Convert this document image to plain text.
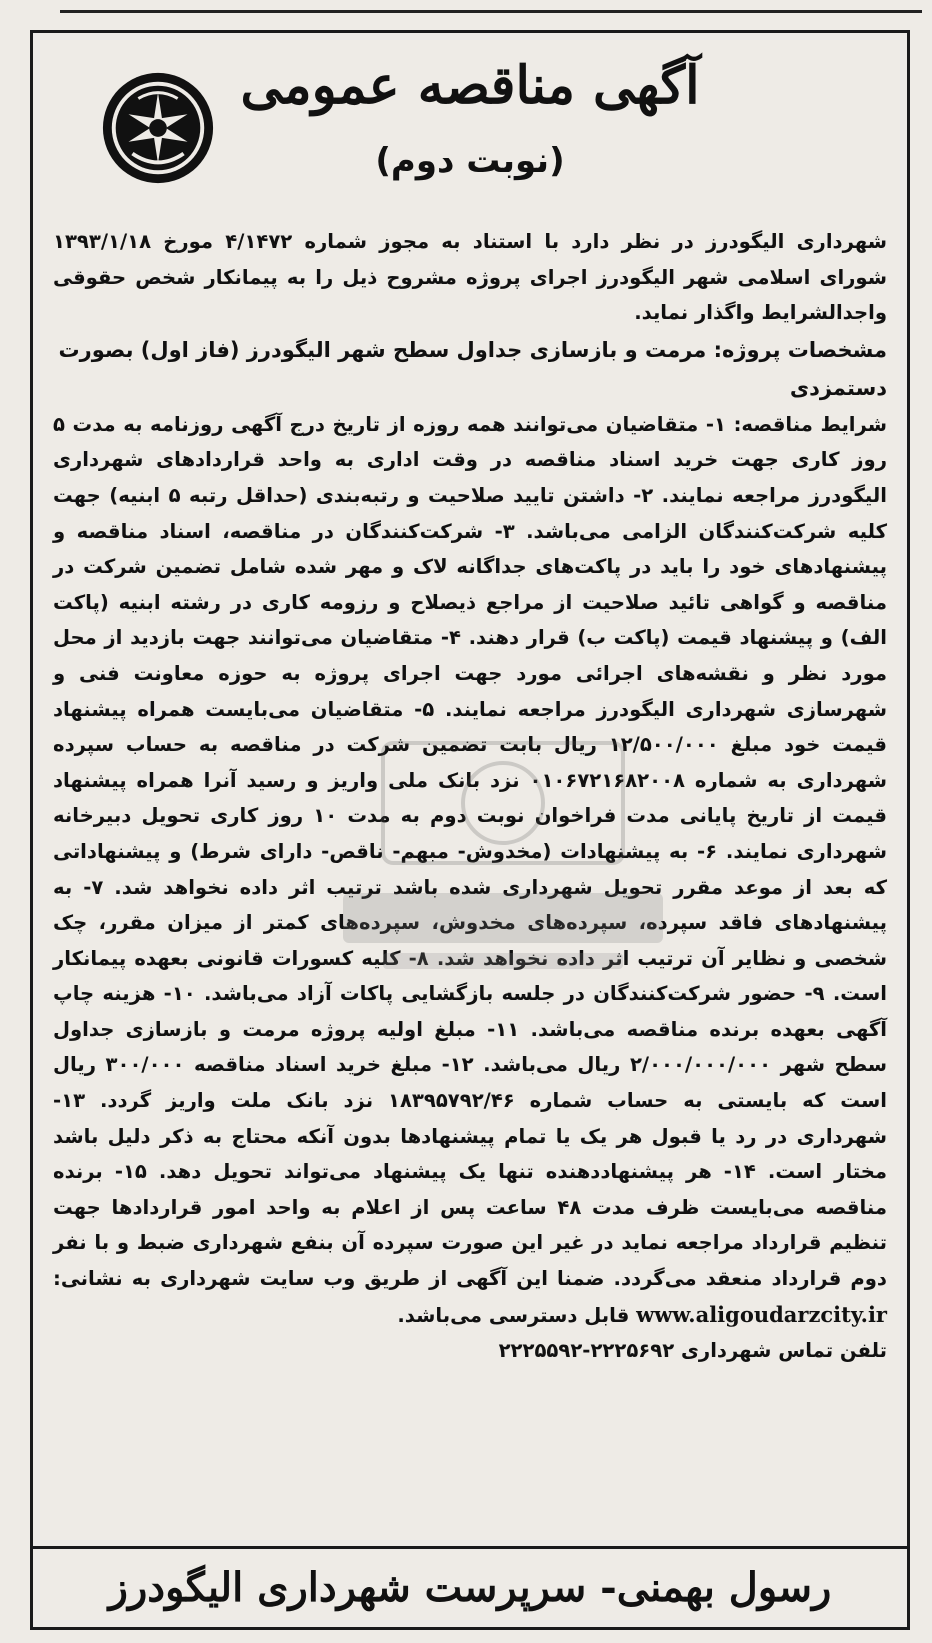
آگهی مناقصه عمومی
(نوبت دوم)

شهرداری الیگودرز در نظر دارد با استناد به مجوز شماره ۴/۱۴۷۲ مورخ ۱۳۹۳/۱/۱۸ شورای اسلامی شهر الیگودرز اجرای پروژه مشروح ذیل را به پیمانکار شخص حقوقی واجدالشرایط واگذار نماید.

مشخصات پروژه: مرمت و بازسازی جداول سطح شهر الیگودرز (فاز اول) بصورت دستمزدی

شرایط مناقصه: ۱- متقاضیان می‌توانند همه روزه از تاریخ درج آگهی روزنامه به مدت ۵ روز کاری جهت خرید اسناد مناقصه در وقت اداری به واحد قراردادهای شهرداری الیگودرز مراجعه نمایند. ۲- داشتن تایید صلاحیت و رتبه‌بندی (حداقل رتبه ۵ ابنیه) جهت کلیه شرکت‌کنندگان الزامی می‌باشد. ۳- شرکت‌کنندگان در مناقصه، اسناد مناقصه و پیشنهادهای خود را باید در پاکت‌های جداگانه لاک و مهر شده شامل تضمین شرکت در مناقصه و گواهی تائید صلاحیت از مراجع ذیصلاح و رزومه کاری در رشته ابنیه (پاکت الف) و پیشنهاد قیمت (پاکت ب) قرار دهند. ۴- متقاضیان می‌توانند جهت بازدید از محل مورد نظر و نقشه‌های اجرائی مورد جهت اجرای پروژه به حوزه معاونت فنی و شهرسازی شهرداری الیگودرز مراجعه نمایند. ۵- متقاضیان می‌بایست همراه پیشنهاد قیمت خود مبلغ ۱۲/۵۰۰/۰۰۰ ریال بابت تضمین شرکت در مناقصه به حساب سپرده شهرداری به شماره ۰۱۰۶۷۲۱۶۸۲۰۰۸ نزد بانک ملی واریز و رسید آنرا همراه پیشنهاد قیمت از تاریخ پایانی مدت فراخوان نوبت دوم به مدت ۱۰ روز کاری تحویل دبیرخانه شهرداری نمایند. ۶- به پیشنهادات (مخدوش- مبهم- ناقص- دارای شرط) و پیشنهاداتی که بعد از موعد مقرر تحویل شهرداری شده باشد ترتیب اثر داده نخواهد شد. ۷- به پیشنهادهای فاقد سپرده، سپرده‌های مخدوش، سپرده‌های کمتر از میزان مقرر، چک شخصی و نظایر آن ترتیب اثر داده نخواهد شد. ۸- کلیه کسورات قانونی بعهده پیمانکار است. ۹- حضور شرکت‌کنندگان در جلسه بازگشایی پاکات آزاد می‌باشد. ۱۰- هزینه چاپ آگهی بعهده برنده مناقصه می‌باشد. ۱۱- مبلغ اولیه پروژه مرمت و بازسازی جداول سطح شهر ۲/۰۰۰/۰۰۰/۰۰۰ ریال می‌باشد. ۱۲- مبلغ خرید اسناد مناقصه ۳۰۰/۰۰۰ ریال است که بایستی به حساب شماره ۱۸۳۹۵۷۹۲/۴۶ نزد بانک ملت واریز گردد. ۱۳- شهرداری در رد یا قبول هر یک یا تمام پیشنهادها بدون آنکه محتاج به ذکر دلیل باشد مختار است. ۱۴- هر پیشنهاددهنده تنها یک پیشنهاد می‌تواند تحویل دهد. ۱۵- برنده مناقصه می‌بایست ظرف مدت ۴۸ ساعت پس از اعلام به واحد امور قراردادها جهت تنظیم قرارداد مراجعه نماید در غیر این صورت سپرده آن بنفع شهرداری ضبط و با نفر دوم قرارداد منعقد می‌گردد. ضمنا این آگهی از طریق وب سایت شهرداری به نشانی: www.aligoudarzcity.ir قابل دسترسی می‌باشد.

تلفن تماس شهرداری ۲۲۲۵۶۹۲-۲۲۲۵۵۹۲

رسول بهمنی- سرپرست شهرداری الیگودرز
